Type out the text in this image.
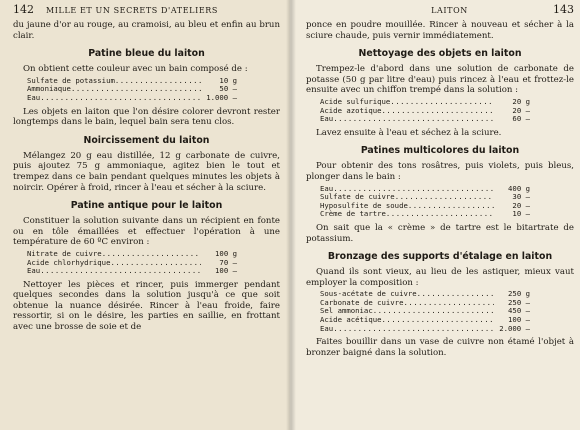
142 MILLE ET UN SECRETS D'ATELIERS

du jaune d'or au rouge, au cramoisi, au bleu et enfin au brun clair.

Patine bleue du laiton

On obtient cette couleur avec un bain composé de :

Sulfate de potassium .....	10 g
Ammoniaque .....	50 –
Eau .....	1.000 –

Les objets en laiton que l'on désire colorer devront rester longtemps dans le bain, lequel bain sera tenu clos.

Noircissement du laiton

Mélangez 20 g eau distillée, 12 g carbonate de cuivre, puis ajoutez 75 g ammoniaque, agitez bien le tout et trempez dans ce bain pendant quelques minutes les objets à noircir. Opérer à froid, rincer à l'eau et sécher à la sciure.

Patine antique pour le laiton

Constituer la solution suivante dans un récipient en fonte ou en tôle émaillées et effectuer l'opération à une température de 60 ºC environ :

Nitrate de cuivre .....	100 g
Acide chlorhydrique .....	70 –
Eau .....	100 –

Nettoyer les pièces et rincer, puis immerger pendant quelques secondes dans la solution jusqu'à ce que soit obtenue la nuance désirée. Rincer à l'eau froide, faire ressortir, si on le désire, les parties en saillie, en frottant avec une brosse de soie et de

LAITON	143

ponce en poudre mouillée. Rincer à nouveau et sécher à la sciure chaude, puis vernir immédiatement.

Nettoyage des objets en laiton

Trempez-le d'abord dans une solution de carbonate de potasse (50 g par litre d'eau) puis rincez à l'eau et frottez-le ensuite avec un chiffon trempé dans la solution :

Acide sulfurique .....	20 g
Acide azotique .....	20 –
Eau .....	60 –

Lavez ensuite à l'eau et séchez à la sciure.

Patines multicolores du laiton

Pour obtenir des tons rosâtres, puis violets, puis bleus, plonger dans le bain :

Eau .....	400 g
Sulfate de cuivre .....	30 –
Hyposulfite de soude .....	20 –
Crème de tartre .....	10 –

On sait que la « crème » de tartre est le bitartrate de potassium.

Bronzage des supports d'étalage en laiton

Quand ils sont vieux, au lieu de les astiquer, mieux vaut employer la composition :

Sous-acétate de cuivre .....	250 g
Carbonate de cuivre .....	250 –
Sel ammoniac .....	450 –
Acide acétique .....	100 –
Eau .....	2.000 –

Faites bouillir dans un vase de cuivre non étamé l'objet à bronzer baigné dans la solution.
